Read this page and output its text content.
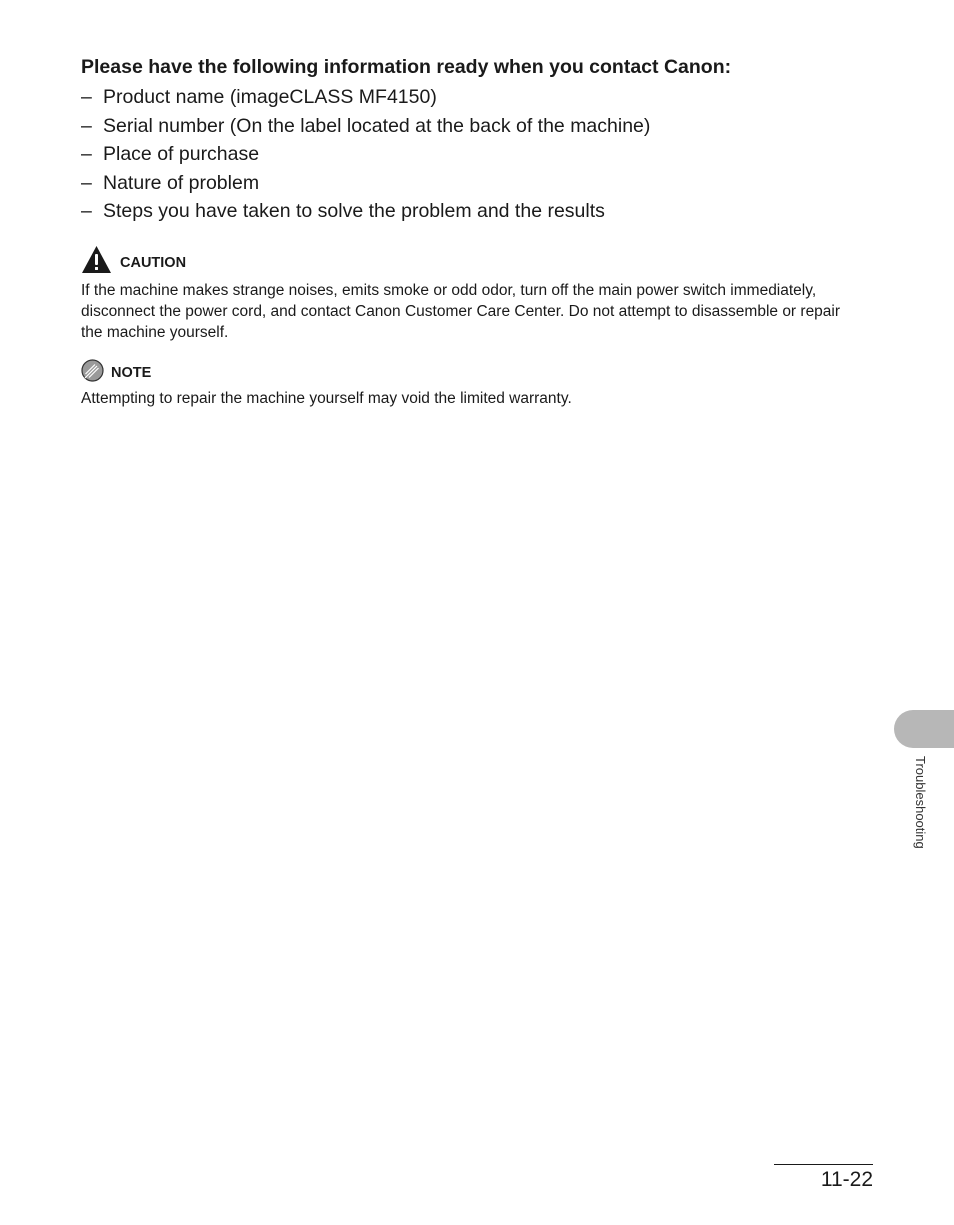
Please have the following information ready when you contact Canon:
– Product name (imageCLASS MF4150)
– Serial number (On the label located at the back of the machine)
– Place of purchase
– Nature of problem
– Steps you have taken to solve the problem and the results
CAUTION

If the machine makes strange noises, emits smoke or odd odor, turn off the main power switch immediately, disconnect the power cord, and contact Canon Customer Care Center. Do not attempt to disassemble or repair the machine yourself.

NOTE

Attempting to repair the machine yourself may void the limited warranty.

Troubleshooting
11-22
